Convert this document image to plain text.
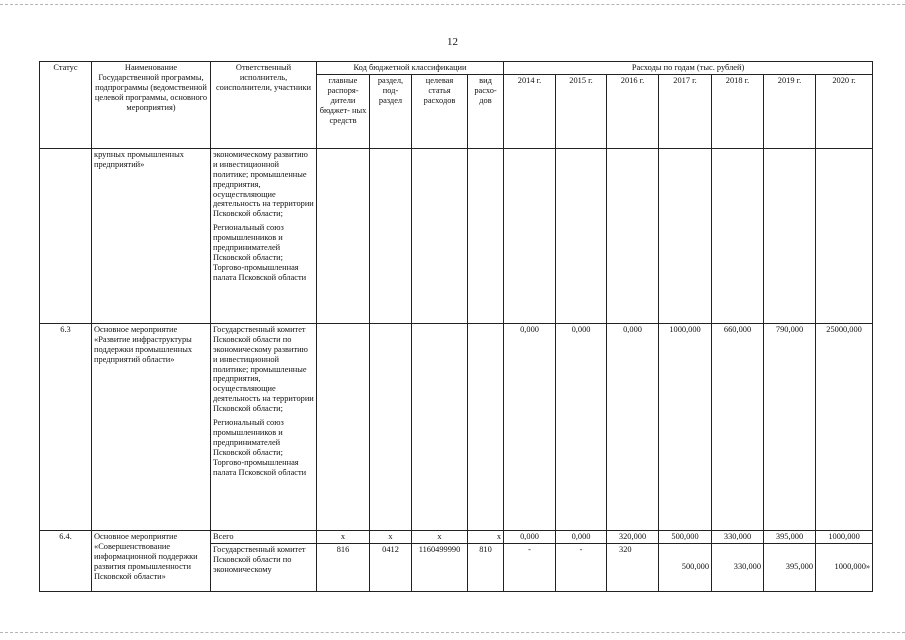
12
Статус	Наименование Государственной программы, подпрограммы (ведомственной целевой программы, основного мероприятия)	Ответственный исполнитель, соисполнители, участники	Код бюджетной классификации				Расходы по годам (тыс. рублей)						
			главные распоря- дители бюджет- ных средств	раздел, под- раздел	целевая статья расходов	вид расхо- дов	2014 г.	2015 г.	2016 г.	2017 г.	2018 г.	2019 г.	2020 г.
	крупных промышленных предприятий»	экономическому развитию и инвестиционной политике; промышленные предприятия, осуществляющие деятельность на территории Псковской области;
Региональный союз промышленников и предпринимателей Псковской области; Торгово-промышленная палата Псковской области											
6.3	Основное мероприятие «Развитие инфраструктуры поддержки промышленных предприятий области»	Государственный комитет Псковской области по экономическому развитию и инвестиционной политике; промышленные предприятия, осуществляющие деятельность на территории Псковской области;
Региональный союз промышленников и предпринимателей Псковской области; Торгово-промышленная палата Псковской области					0,000	0,000	0,000	1000,000	660,000	790,000	25000,000
6.4.	Основное мероприятие «Совершенствование информационной поддержки развития промышленности Псковской области»	Всего	х	х	х	х	0,000	0,000	320,000	500,000	330,000	395,000	1000,000
		Государственный комитет Псковской области по экономическому	816	0412	1160499990	810	-	-	320	500,000	330,000	395,000	1000,000»
